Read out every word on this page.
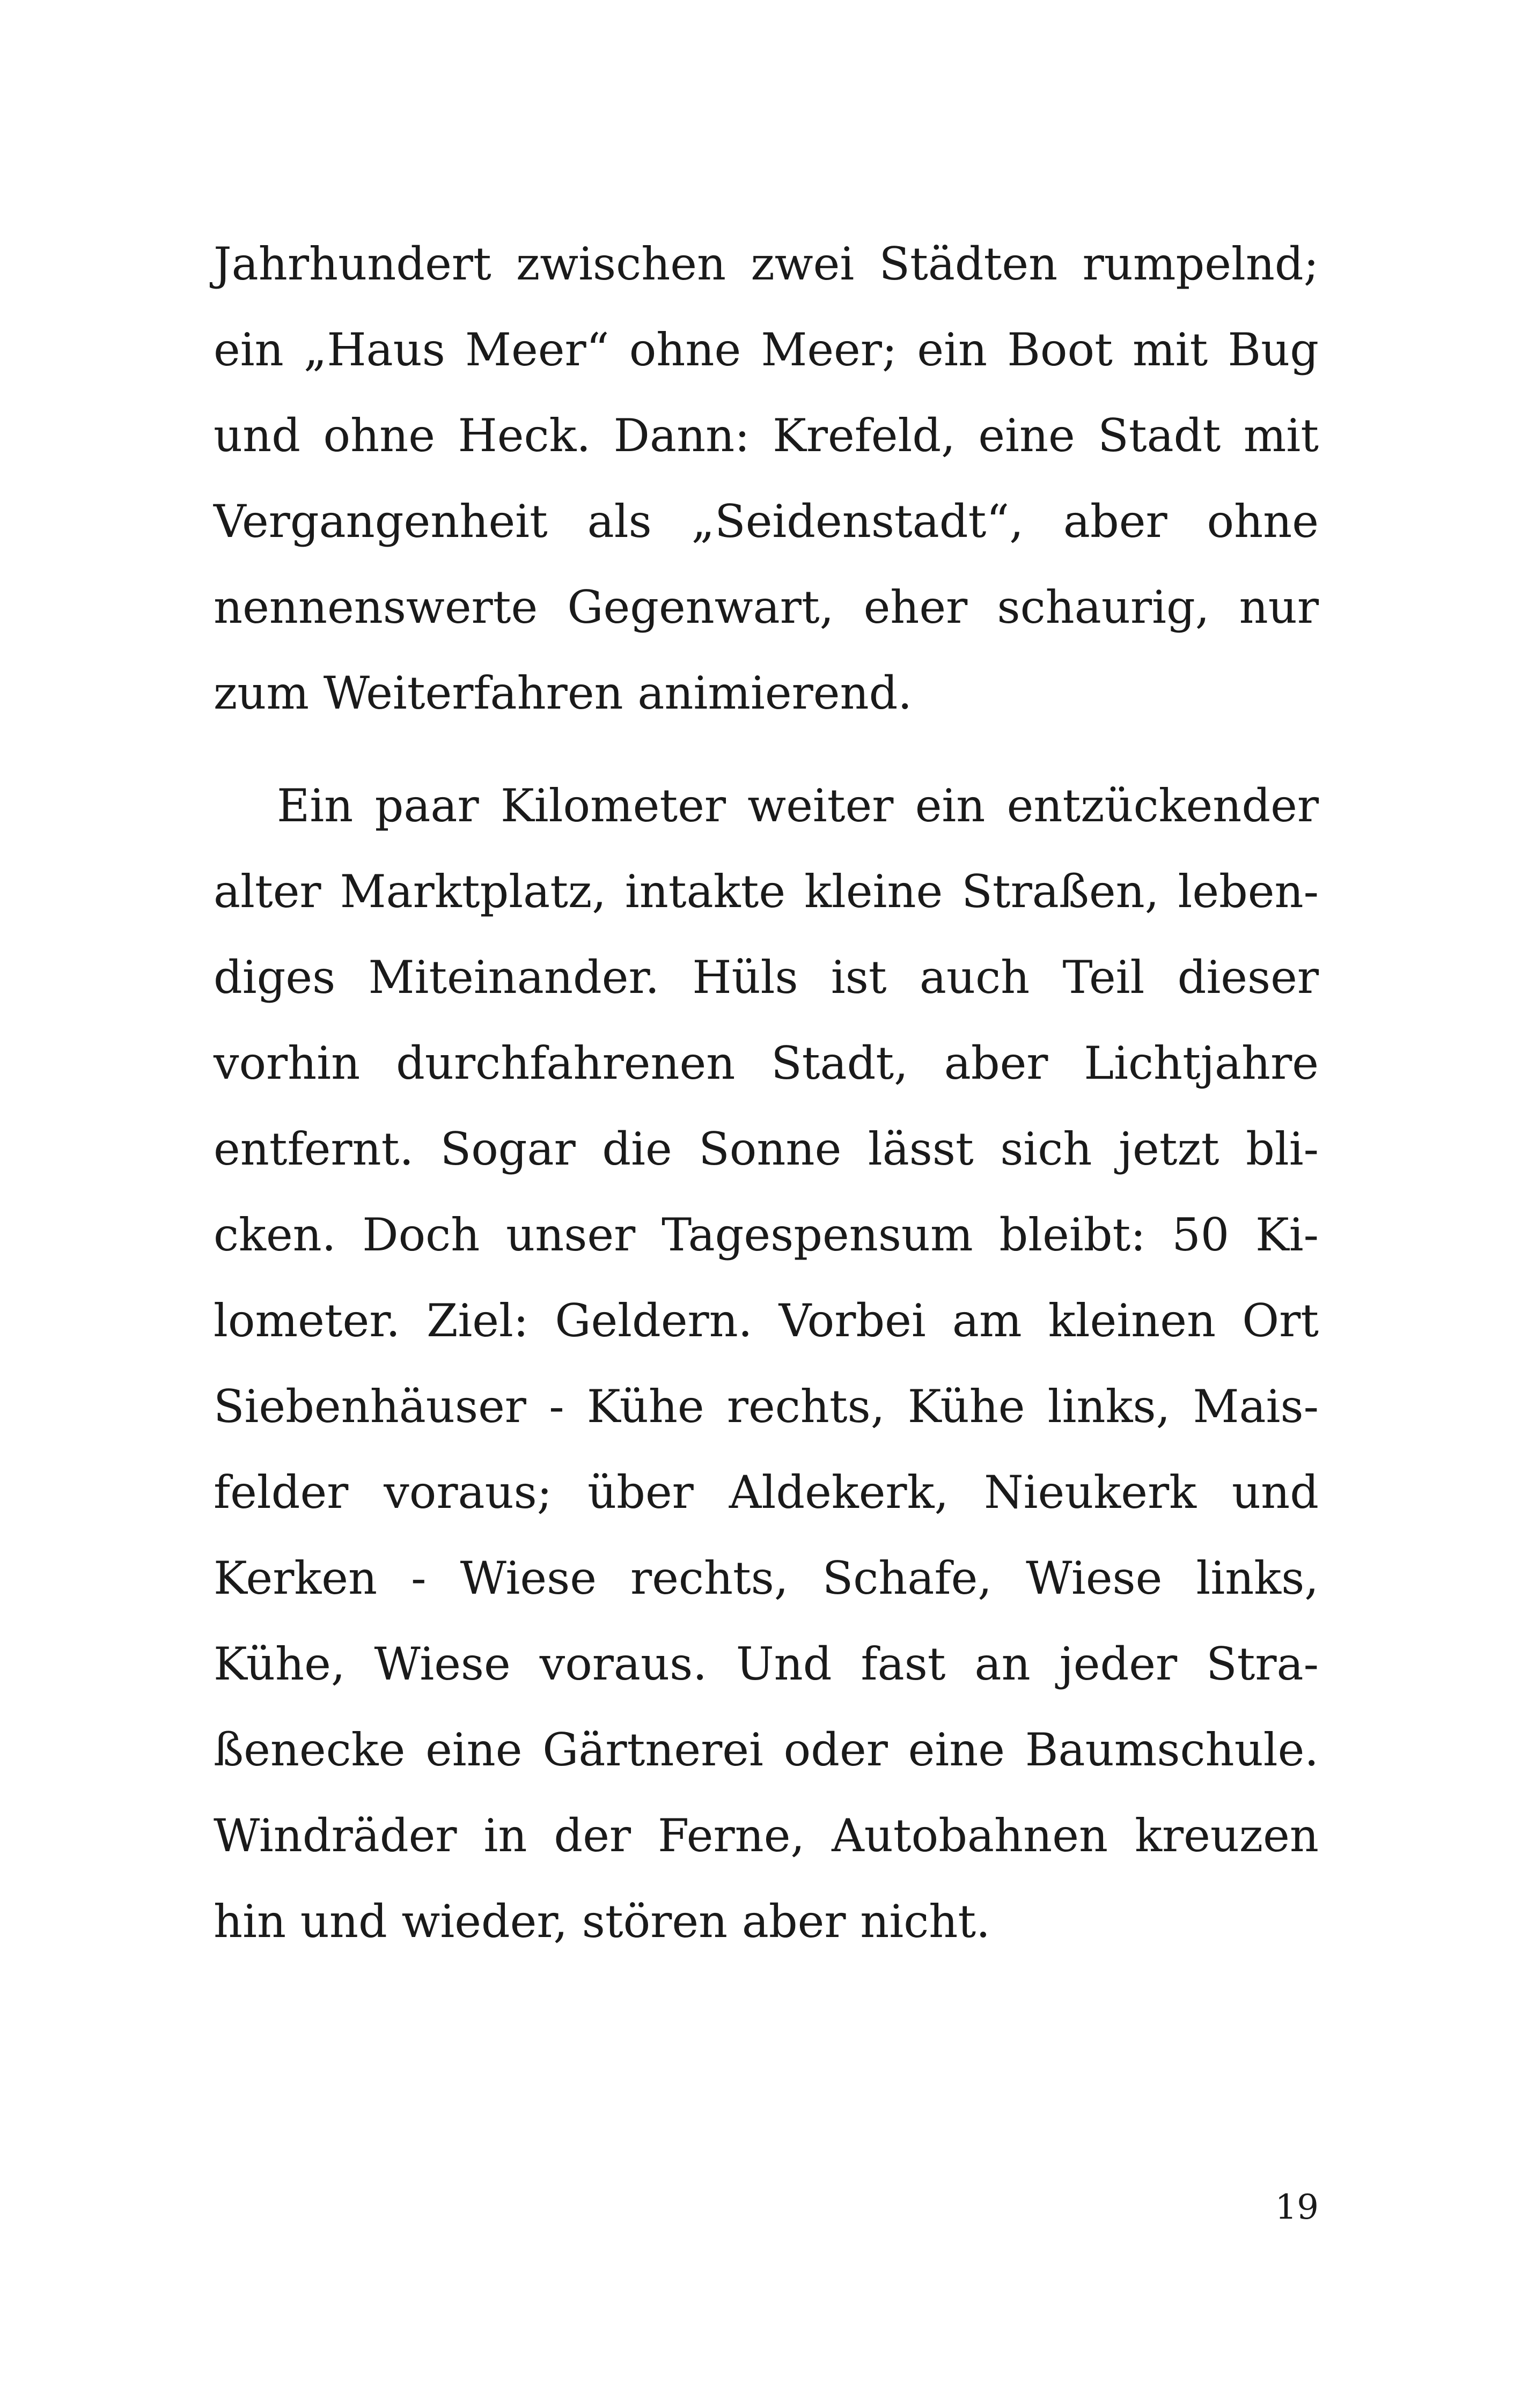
Jahrhundert zwischen zwei Städten rumpelnd;
ein „Haus Meer“ ohne Meer; ein Boot mit Bug
und ohne Heck. Dann: Krefeld, eine Stadt mit
Vergangenheit als „Seidenstadt“, aber ohne
nennenswerte Gegenwart, eher schaurig, nur
zum Weiterfahren animierend.
Ein paar Kilometer weiter ein entzückender
alter Marktplatz, intakte kleine Straßen, leben-
diges Miteinander. Hüls ist auch Teil dieser
vorhin durchfahrenen Stadt, aber Lichtjahre
entfernt. Sogar die Sonne lässt sich jetzt bli-
cken. Doch unser Tagespensum bleibt: 50 Ki-
lometer. Ziel: Geldern. Vorbei am kleinen Ort
Siebenhäuser - Kühe rechts, Kühe links, Mais-
felder voraus; über Aldekerk, Nieukerk und
Kerken - Wiese rechts, Schafe, Wiese links,
Kühe, Wiese voraus. Und fast an jeder Stra-
ßenecke eine Gärtnerei oder eine Baumschule.
Windräder in der Ferne, Autobahnen kreuzen
hin und wieder, stören aber nicht.
19
